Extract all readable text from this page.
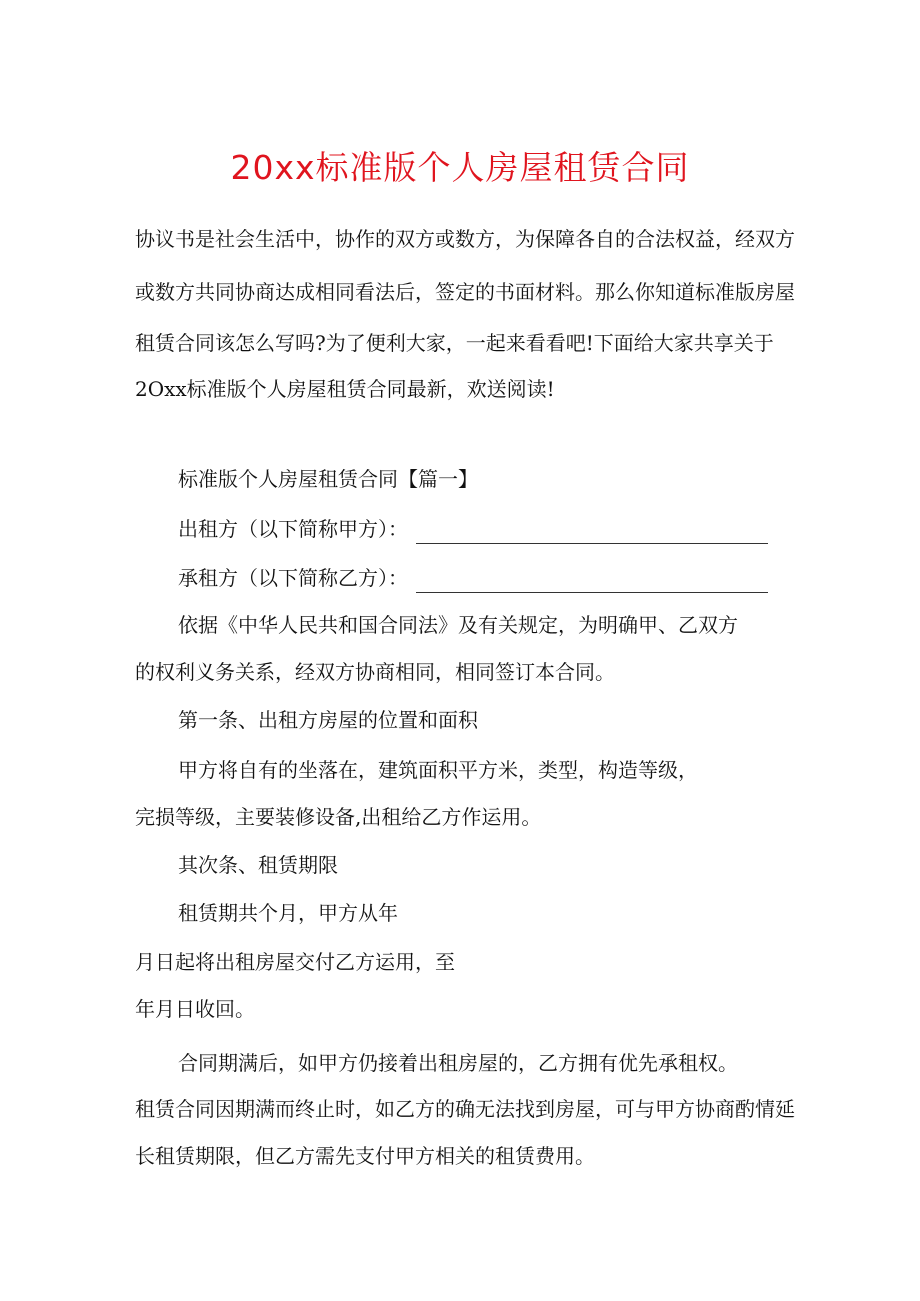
20xx标准版个人房屋租赁合同
协议书是社会生活中，协作的双方或数方，为保障各自的合法权益，经双方
或数方共同协商达成相同看法后，签定的书面材料。那么你知道标准版房屋
租赁合同该怎么写吗?为了便利大家，一起来看看吧!下面给大家共享关于
2Oxx标准版个人房屋租赁合同最新，欢送阅读!
标准版个人房屋租赁合同【篇一】
出租方（以下简称甲方）：
承租方（以下简称乙方）：
依据《中华人民共和国合同法》及有关规定，为明确甲、乙双方
的权利义务关系，经双方协商相同，相同签订本合同。
第一条、出租方房屋的位置和面积
甲方将自有的坐落在，建筑面积平方米，类型，构造等级，
完损等级，主要装修设备,出租给乙方作运用。
其次条、租赁期限
租赁期共个月，甲方从年
月日起将出租房屋交付乙方运用，至
年月日收回。
合同期满后，如甲方仍接着出租房屋的，乙方拥有优先承租权。
租赁合同因期满而终止时，如乙方的确无法找到房屋，可与甲方协商酌情延
长租赁期限，但乙方需先支付甲方相关的租赁费用。
